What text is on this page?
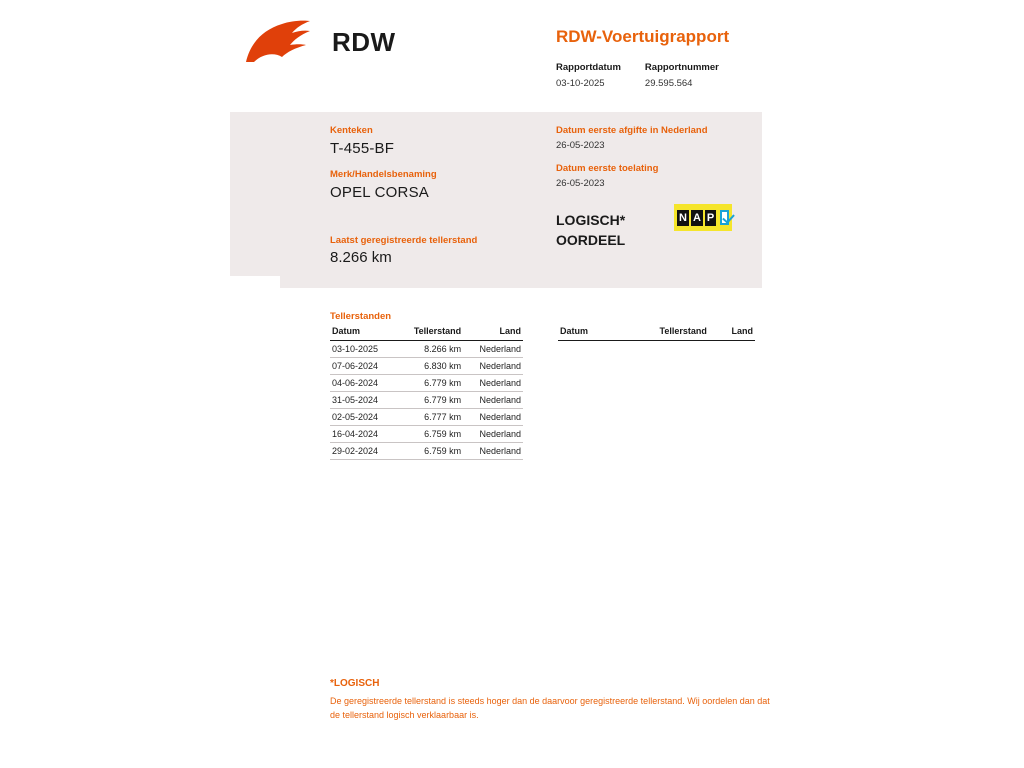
RDW	RDW-Voertuigrapport
Rapportdatum
03-10-2025
Rapportnummer
29.595.564
Kenteken
T-455-BF
Merk/Handelsbenaming
OPEL CORSA
Datum eerste afgifte in Nederland
26-05-2023
Datum eerste toelating
26-05-2023
Laatst geregistreerde tellerstand
8.266 km
LOGISCH*
OORDEEL
N A P
Tellerstanden
Datum	Tellerstand	Land
03-10-2025	8.266 km	Nederland
07-06-2024	6.830 km	Nederland
04-06-2024	6.779 km	Nederland
31-05-2024	6.779 km	Nederland
02-05-2024	6.777 km	Nederland
16-04-2024	6.759 km	Nederland
29-02-2024	6.759 km	Nederland
Datum	Tellerstand	Land
*LOGISCH
De geregistreerde tellerstand is steeds hoger dan de daarvoor geregistreerde tellerstand. Wij oordelen dan dat de tellerstand logisch verklaarbaar is.
